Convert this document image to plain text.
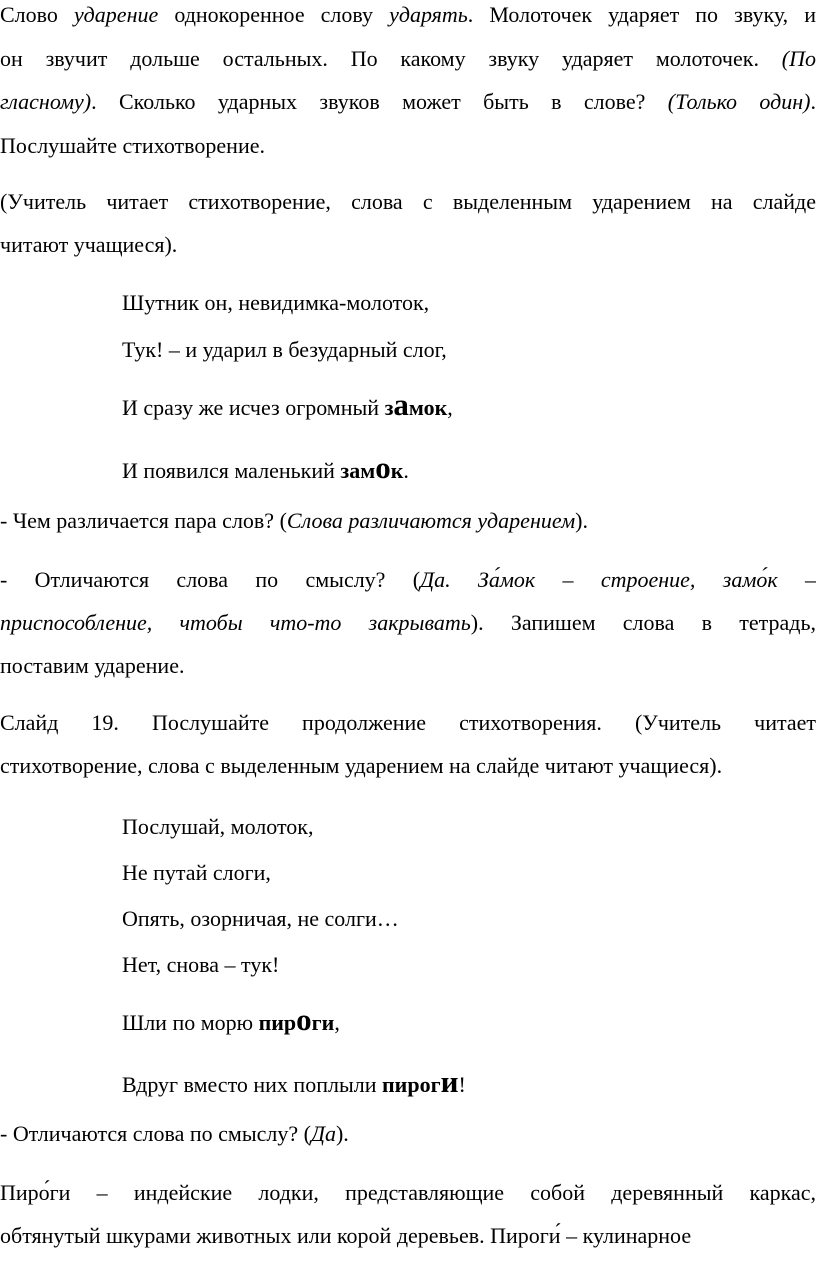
Слово ударение однокоренное слову ударять. Молоточек ударяет по звуку, и
он звучит дольше остальных. По какому звуку ударяет молоточек. (По
гласному). Сколько ударных звуков может быть в слове? (Только один).
Послушайте стихотворение.
(Учитель читает стихотворение, слова с выделенным ударением на слайде
читают учащиеся).
Шутник он, невидимка-молоток,
Тук! – и ударил в безударный слог,
И сразу же исчез огромный замок,
И появился маленький замок.
- Чем различается пара слов? (Слова различаются ударением).
- Отличаются слова по смыслу? (Да. За́мок – строение, замо́к –
приспособление, чтобы что-то закрывать). Запишем слова в тетрадь,
поставим ударение.
Слайд 19. Послушайте продолжение стихотворения. (Учитель читает
стихотворение, слова с выделенным ударением на слайде читают учащиеся).
Послушай, молоток,
Не путай слоги,
Опять, озорничая, не солги…
Нет, снова – тук!
Шли по морю пироги,
Вдруг вместо них поплыли пироги!
- Отличаются слова по смыслу? (Да).
Пиро́ги – индейские лодки, представляющие собой деревянный каркас,
обтянутый шкурами животных или корой деревьев. Пироги́ – кулинарное
